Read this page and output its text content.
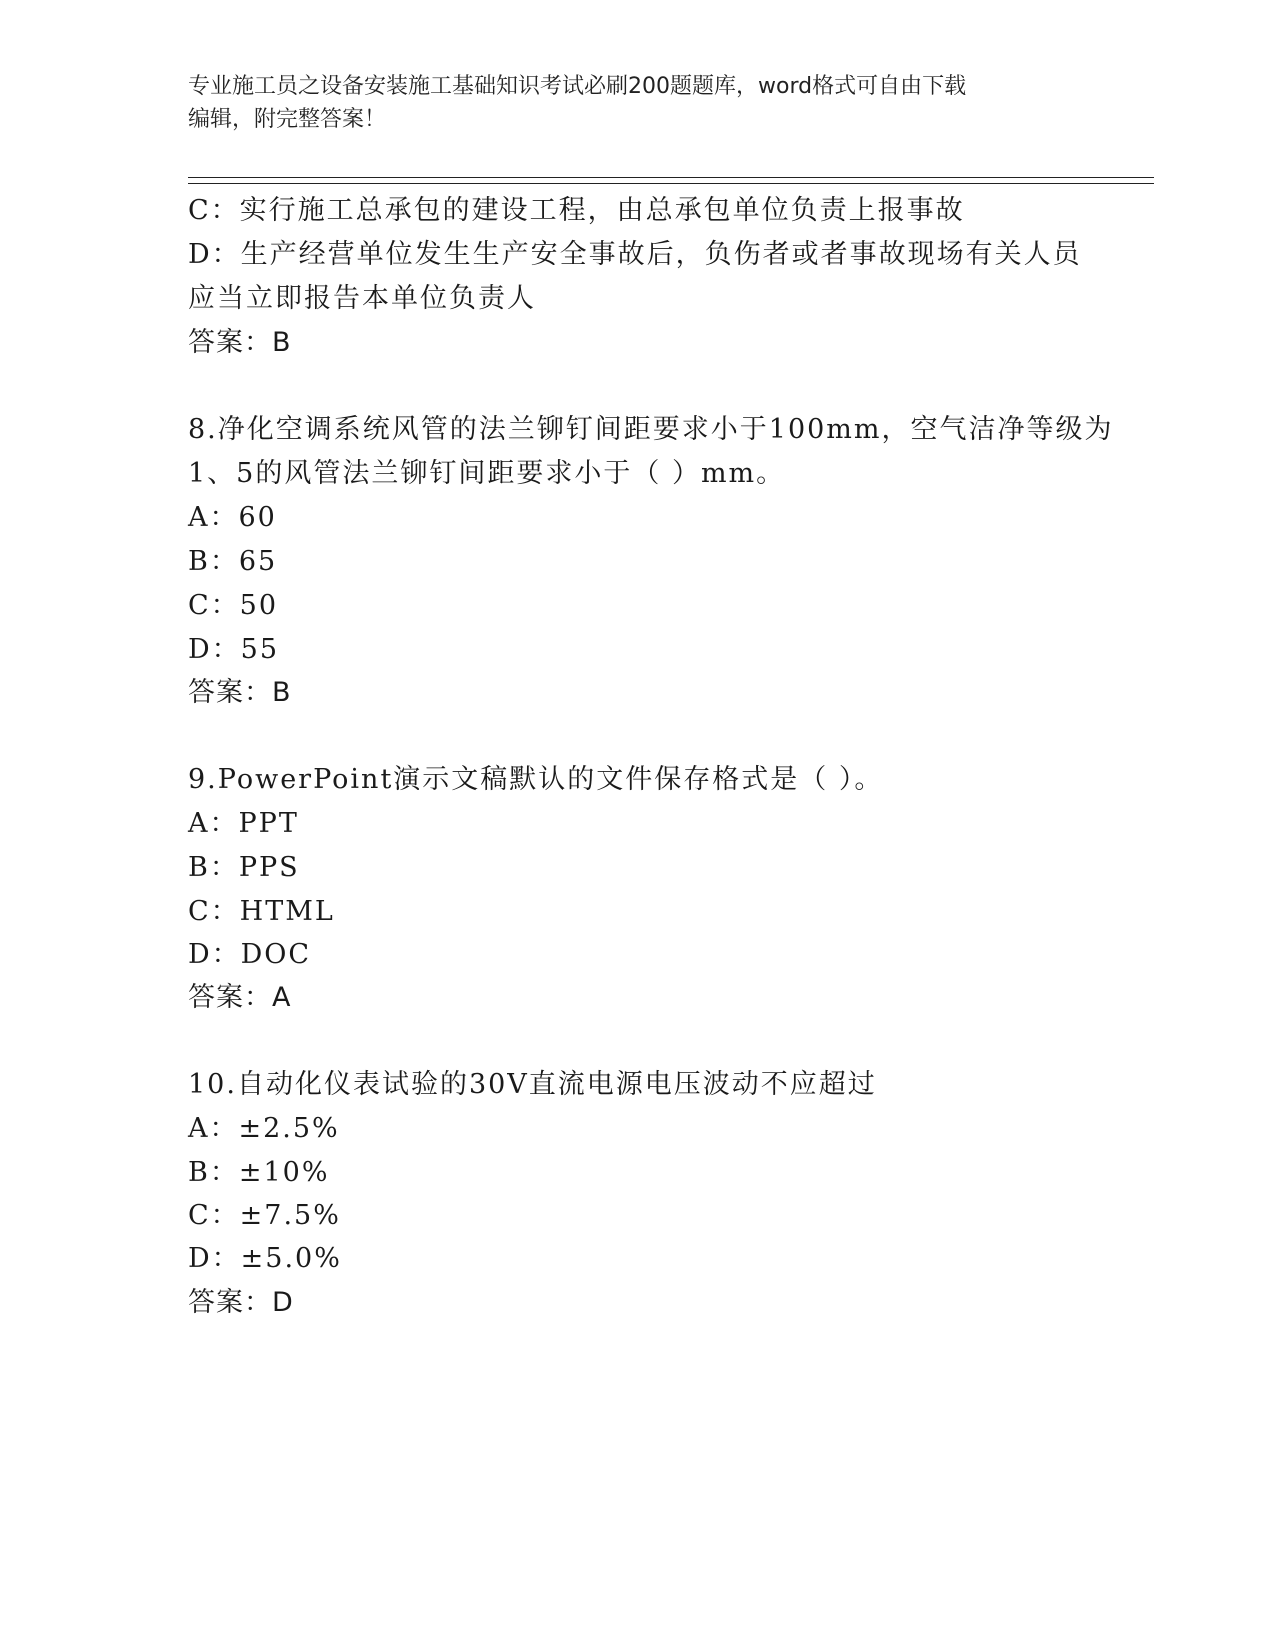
专业施工员之设备安装施工基础知识考试必刷200题题库，word格式可自由下载
编辑，附完整答案！
C：实行施工总承包的建设工程，由总承包单位负责上报事故
D：生产经营单位发生生产安全事故后，负伤者或者事故现场有关人员
应当立即报告本单位负责人
答案：B
8.净化空调系统风管的法兰铆钉间距要求小于100mm，空气洁净等级为
1、5的风管法兰铆钉间距要求小于（ ）mm。
A：60
B：65
C：50
D：55
答案：B
9.PowerPoint演示文稿默认的文件保存格式是（ ）。
A：PPT
B：PPS
C：HTML
D：DOC
答案：A
10.自动化仪表试验的30V直流电源电压波动不应超过
A：±2.5%
B：±10%
C：±7.5%
D：±5.0%
答案：D
